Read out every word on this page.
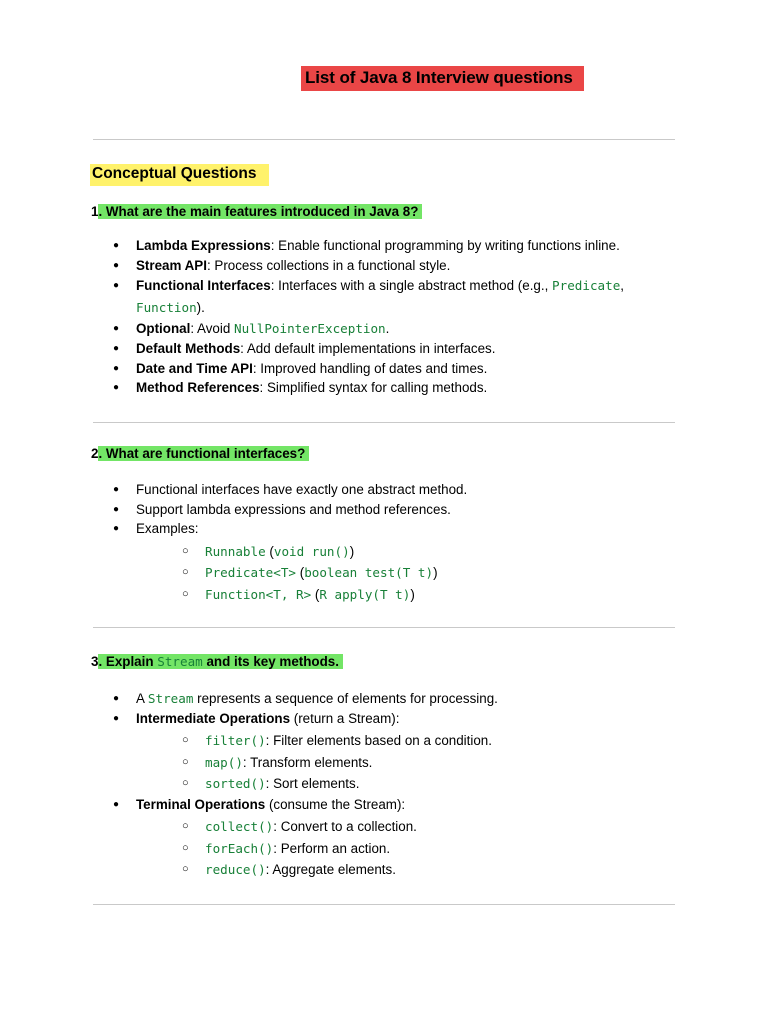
List of Java 8 Interview questions
Conceptual Questions
1. What are the main features introduced in Java 8?
● Lambda Expressions: Enable functional programming by writing functions inline.
● Stream API: Process collections in a functional style.
● Functional Interfaces: Interfaces with a single abstract method (e.g., Predicate,
Function).
● Optional: Avoid NullPointerException.
● Default Methods: Add default implementations in interfaces.
● Date and Time API: Improved handling of dates and times.
● Method References: Simplified syntax for calling methods.
2. What are functional interfaces?
● Functional interfaces have exactly one abstract method.
● Support lambda expressions and method references.
● Examples:
○ Runnable (void run())
○ Predicate<T> (boolean test(T t))
○ Function<T, R> (R apply(T t))
3. Explain Stream and its key methods.
● A Stream represents a sequence of elements for processing.
● Intermediate Operations (return a Stream):
○ filter(): Filter elements based on a condition.
○ map(): Transform elements.
○ sorted(): Sort elements.
● Terminal Operations (consume the Stream):
○ collect(): Convert to a collection.
○ forEach(): Perform an action.
○ reduce(): Aggregate elements.
